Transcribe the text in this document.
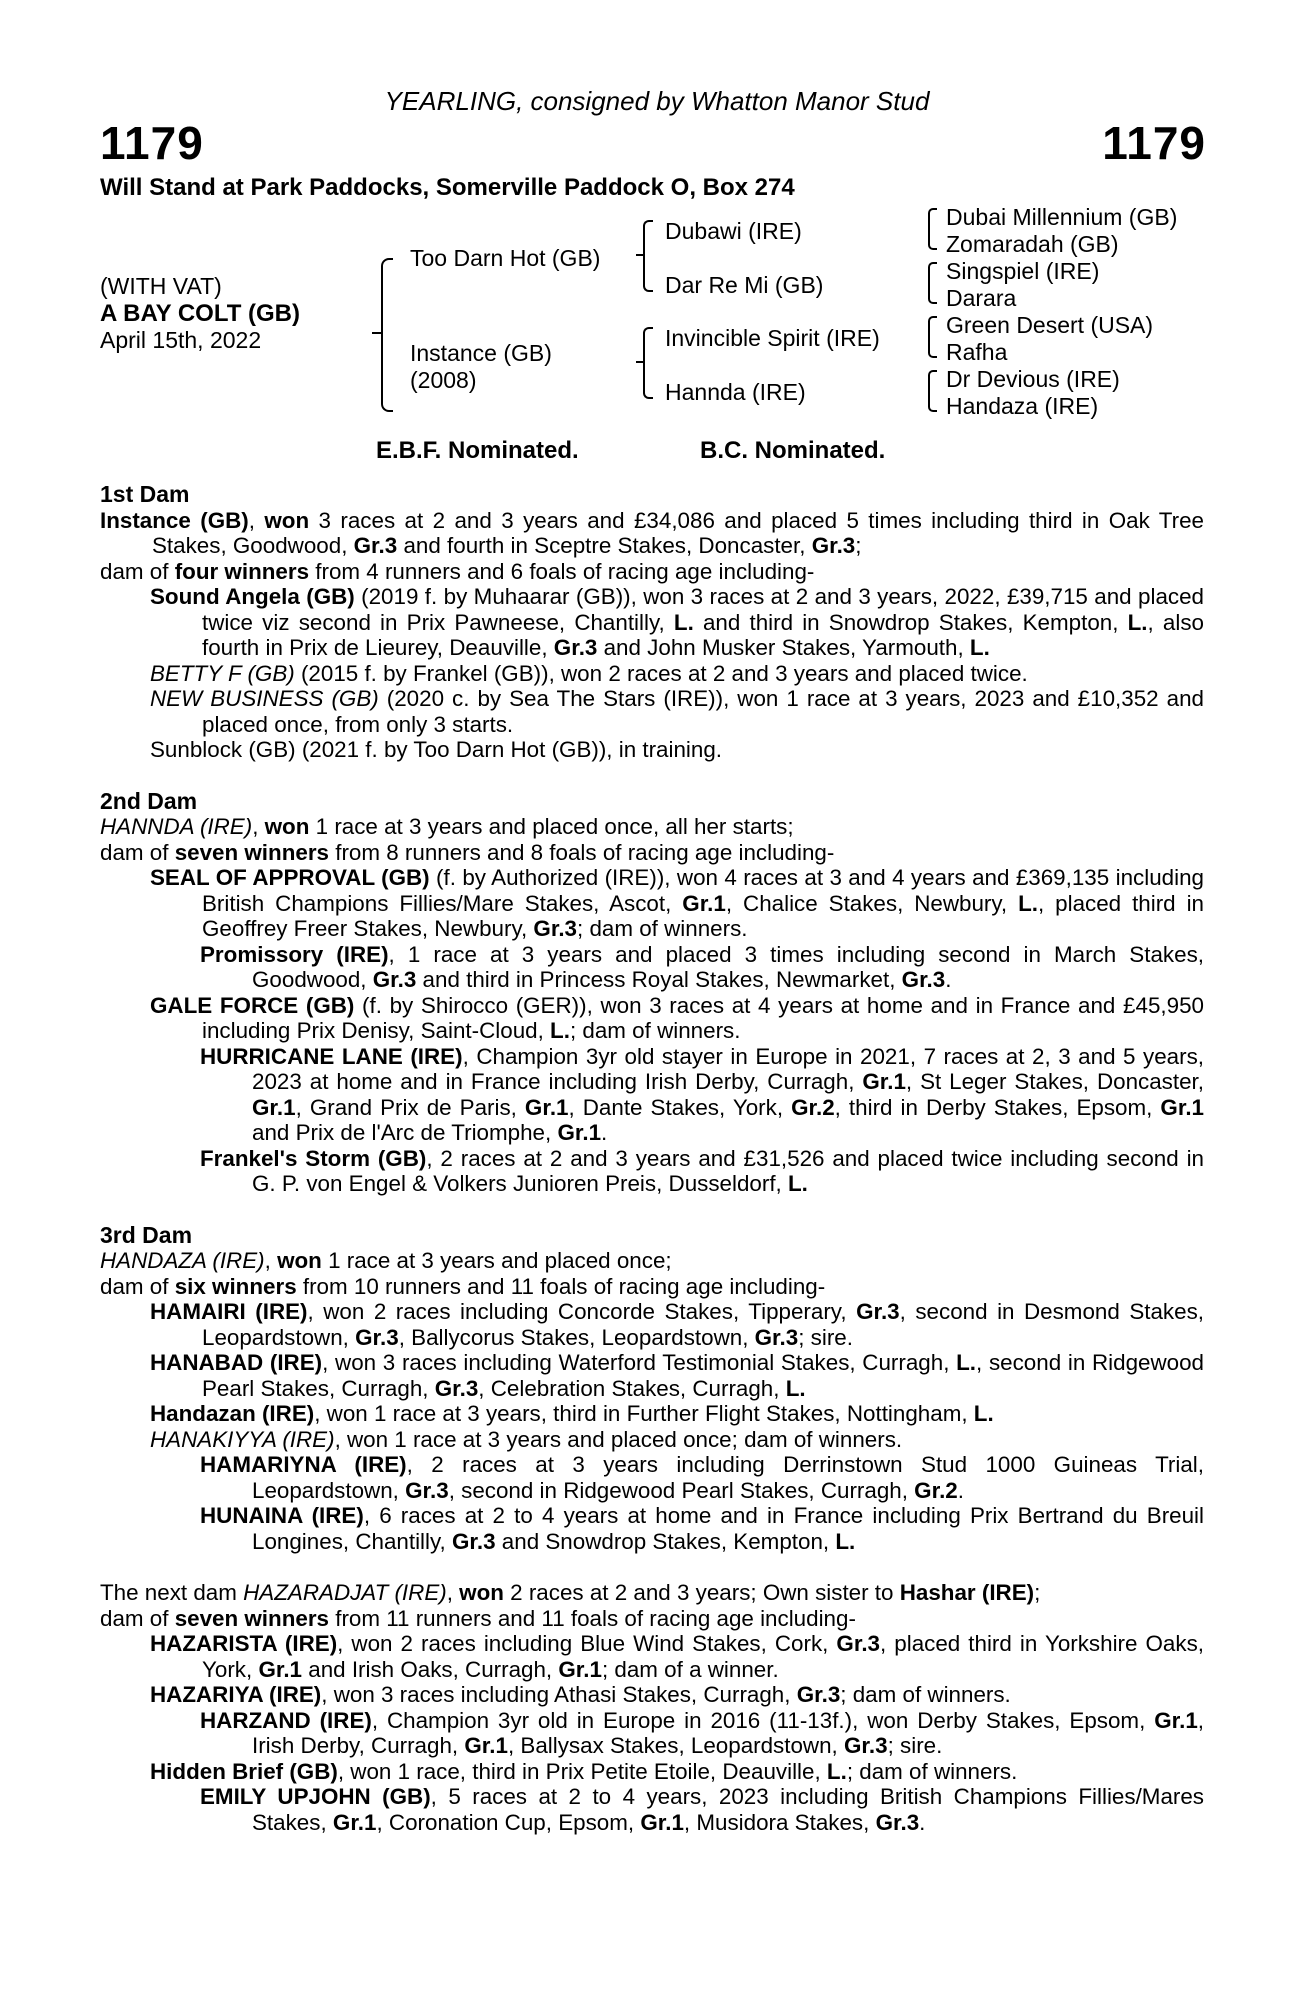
YEARLING, consigned by Whatton Manor Stud
1179	1179
Will Stand at Park Paddocks, Somerville Paddock O, Box 274
(WITH VAT)
A BAY COLT (GB)
April 15th, 2022
Too Darn Hot (GB)
Instance (GB)
(2008)
Dubawi (IRE)
Dar Re Mi (GB)
Invincible Spirit (IRE)
Hannda (IRE)
Dubai Millennium (GB)
Zomaradah (GB)
Singspiel (IRE)
Darara
Green Desert (USA)
Rafha
Dr Devious (IRE)
Handaza (IRE)
E.B.F. Nominated.	B.C. Nominated.

1st Dam

Instance (GB), won 3 races at 2 and 3 years and £34,086 and placed 5 times including third in Oak Tree Stakes, Goodwood, Gr.3 and fourth in Sceptre Stakes, Doncaster, Gr.3;

dam of four winners from 4 runners and 6 foals of racing age including-

Sound Angela (GB) (2019 f. by Muhaarar (GB)), won 3 races at 2 and 3 years, 2022, £39,715 and placed twice viz second in Prix Pawneese, Chantilly, L. and third in Snowdrop Stakes, Kempton, L., also fourth in Prix de Lieurey, Deauville, Gr.3 and John Musker Stakes, Yarmouth, L.

BETTY F (GB) (2015 f. by Frankel (GB)), won 2 races at 2 and 3 years and placed twice.

NEW BUSINESS (GB) (2020 c. by Sea The Stars (IRE)), won 1 race at 3 years, 2023 and £10,352 and placed once, from only 3 starts.

Sunblock (GB) (2021 f. by Too Darn Hot (GB)), in training.

2nd Dam

HANNDA (IRE), won 1 race at 3 years and placed once, all her starts;

dam of seven winners from 8 runners and 8 foals of racing age including-

SEAL OF APPROVAL (GB) (f. by Authorized (IRE)), won 4 races at 3 and 4 years and £369,135 including British Champions Fillies/Mare Stakes, Ascot, Gr.1, Chalice Stakes, Newbury, L., placed third in Geoffrey Freer Stakes, Newbury, Gr.3; dam of winners.

Promissory (IRE), 1 race at 3 years and placed 3 times including second in March Stakes, Goodwood, Gr.3 and third in Princess Royal Stakes, Newmarket, Gr.3.

GALE FORCE (GB) (f. by Shirocco (GER)), won 3 races at 4 years at home and in France and £45,950 including Prix Denisy, Saint-Cloud, L.; dam of winners.

HURRICANE LANE (IRE), Champion 3yr old stayer in Europe in 2021, 7 races at 2, 3 and 5 years, 2023 at home and in France including Irish Derby, Curragh, Gr.1, St Leger Stakes, Doncaster, Gr.1, Grand Prix de Paris, Gr.1, Dante Stakes, York, Gr.2, third in Derby Stakes, Epsom, Gr.1 and Prix de l'Arc de Triomphe, Gr.1.

Frankel's Storm (GB), 2 races at 2 and 3 years and £31,526 and placed twice including second in G. P. von Engel & Volkers Junioren Preis, Dusseldorf, L.

3rd Dam

HANDAZA (IRE), won 1 race at 3 years and placed once;

dam of six winners from 10 runners and 11 foals of racing age including-

HAMAIRI (IRE), won 2 races including Concorde Stakes, Tipperary, Gr.3, second in Desmond Stakes, Leopardstown, Gr.3, Ballycorus Stakes, Leopardstown, Gr.3; sire.

HANABAD (IRE), won 3 races including Waterford Testimonial Stakes, Curragh, L., second in Ridgewood Pearl Stakes, Curragh, Gr.3, Celebration Stakes, Curragh, L.

Handazan (IRE), won 1 race at 3 years, third in Further Flight Stakes, Nottingham, L.

HANAKIYYA (IRE), won 1 race at 3 years and placed once; dam of winners.

HAMARIYNA (IRE), 2 races at 3 years including Derrinstown Stud 1000 Guineas Trial, Leopardstown, Gr.3, second in Ridgewood Pearl Stakes, Curragh, Gr.2.

HUNAINA (IRE), 6 races at 2 to 4 years at home and in France including Prix Bertrand du Breuil Longines, Chantilly, Gr.3 and Snowdrop Stakes, Kempton, L.

The next dam HAZARADJAT (IRE), won 2 races at 2 and 3 years; Own sister to Hashar (IRE);

dam of seven winners from 11 runners and 11 foals of racing age including-

HAZARISTA (IRE), won 2 races including Blue Wind Stakes, Cork, Gr.3, placed third in Yorkshire Oaks, York, Gr.1 and Irish Oaks, Curragh, Gr.1; dam of a winner.

HAZARIYA (IRE), won 3 races including Athasi Stakes, Curragh, Gr.3; dam of winners.

HARZAND (IRE), Champion 3yr old in Europe in 2016 (11-13f.), won Derby Stakes, Epsom, Gr.1, Irish Derby, Curragh, Gr.1, Ballysax Stakes, Leopardstown, Gr.3; sire.

Hidden Brief (GB), won 1 race, third in Prix Petite Etoile, Deauville, L.; dam of winners.

EMILY UPJOHN (GB), 5 races at 2 to 4 years, 2023 including British Champions Fillies/Mares Stakes, Gr.1, Coronation Cup, Epsom, Gr.1, Musidora Stakes, Gr.3.
